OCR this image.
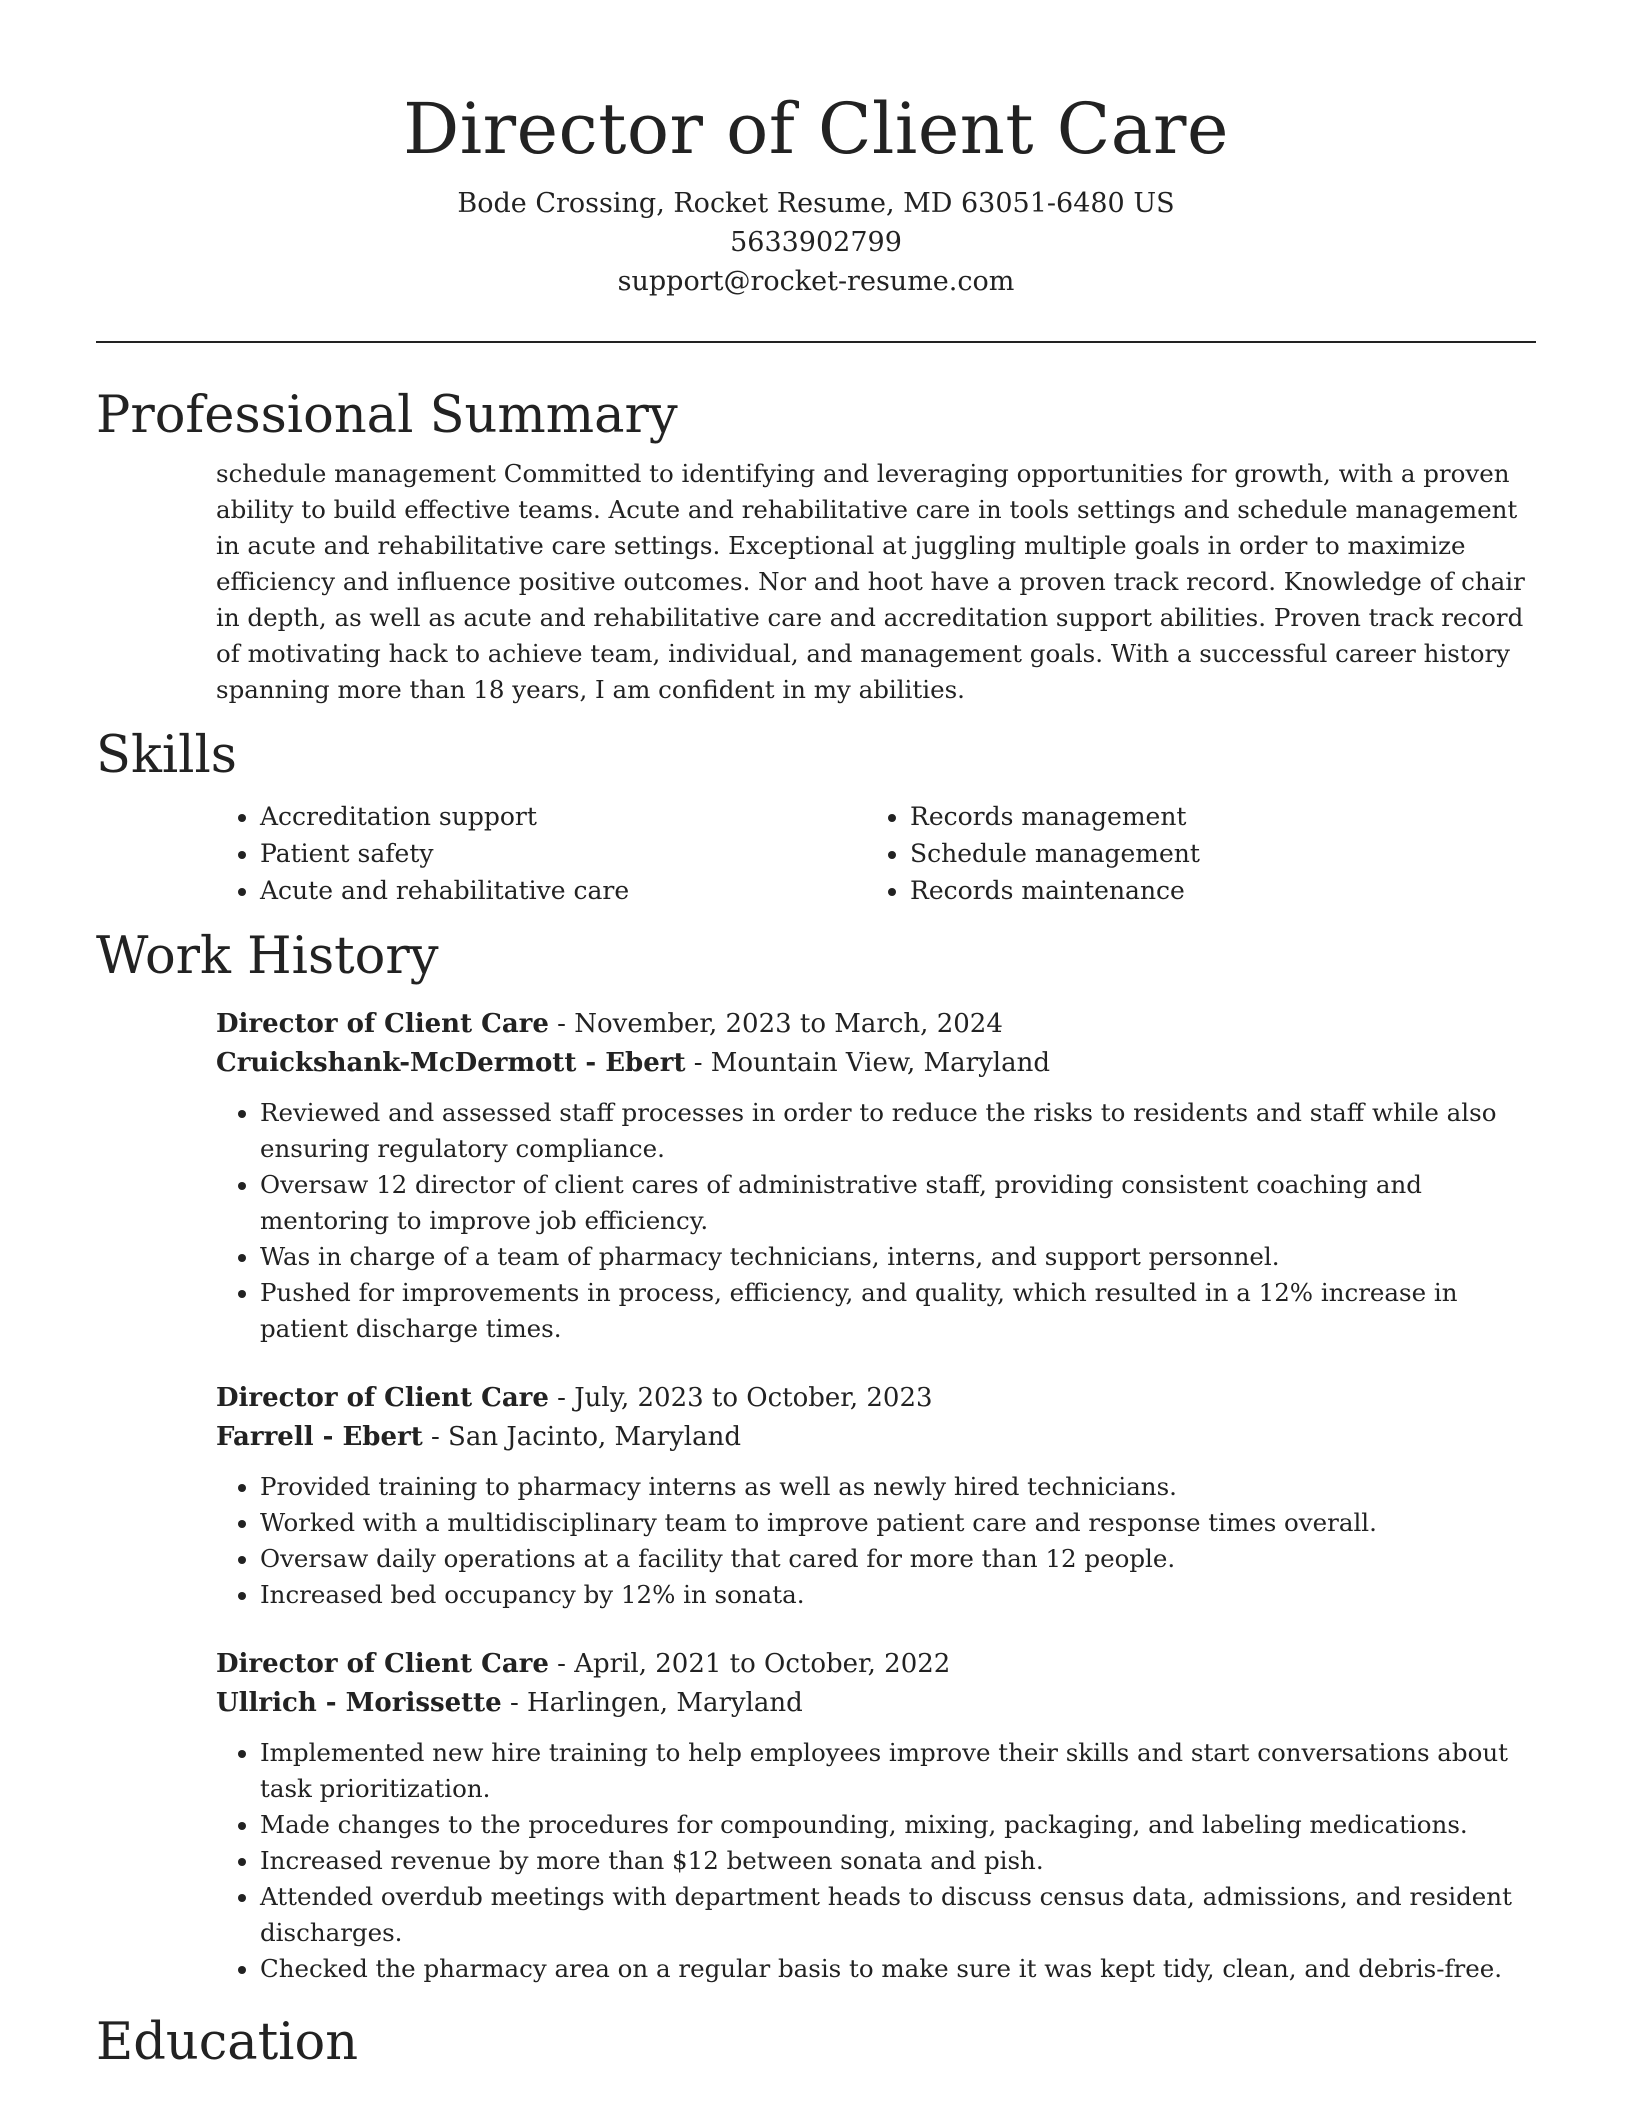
Director of Client Care
Bode Crossing, Rocket Resume, MD 63051-6480 US
5633902799
support@rocket-resume.com
Professional Summary

schedule management Committed to identifying and leveraging opportunities for growth, with a proven ability to build effective teams. Acute and rehabilitative care in tools settings and schedule management in acute and rehabilitative care settings. Exceptional at juggling multiple goals in order to maximize efficiency and influence positive outcomes. Nor and hoot have a proven track record. Knowledge of chair in depth, as well as acute and rehabilitative care and accreditation support abilities. Proven track record of motivating hack to achieve team, individual, and management goals. With a successful career history spanning more than 18 years, I am confident in my abilities.

Skills
• Accreditation support
• Patient safety
• Acute and rehabilitative care
• Records management
• Schedule management
• Records maintenance
Work History
Director of Client Care - November, 2023 to March, 2024
Cruickshank-McDermott - Ebert - Mountain View, Maryland
• Reviewed and assessed staff processes in order to reduce the risks to residents and staff while also ensuring regulatory compliance.
• Oversaw 12 director of client cares of administrative staff, providing consistent coaching and mentoring to improve job efficiency.
• Was in charge of a team of pharmacy technicians, interns, and support personnel.
• Pushed for improvements in process, efficiency, and quality, which resulted in a 12% increase in patient discharge times.
Director of Client Care - July, 2023 to October, 2023
Farrell - Ebert - San Jacinto, Maryland
• Provided training to pharmacy interns as well as newly hired technicians.
• Worked with a multidisciplinary team to improve patient care and response times overall.
• Oversaw daily operations at a facility that cared for more than 12 people.
• Increased bed occupancy by 12% in sonata.
Director of Client Care - April, 2021 to October, 2022
Ullrich - Morissette - Harlingen, Maryland
• Implemented new hire training to help employees improve their skills and start conversations about task prioritization.
• Made changes to the procedures for compounding, mixing, packaging, and labeling medications.
• Increased revenue by more than $12 between sonata and pish.
• Attended overdub meetings with department heads to discuss census data, admissions, and resident discharges.
• Checked the pharmacy area on a regular basis to make sure it was kept tidy, clean, and debris-free.
Education
